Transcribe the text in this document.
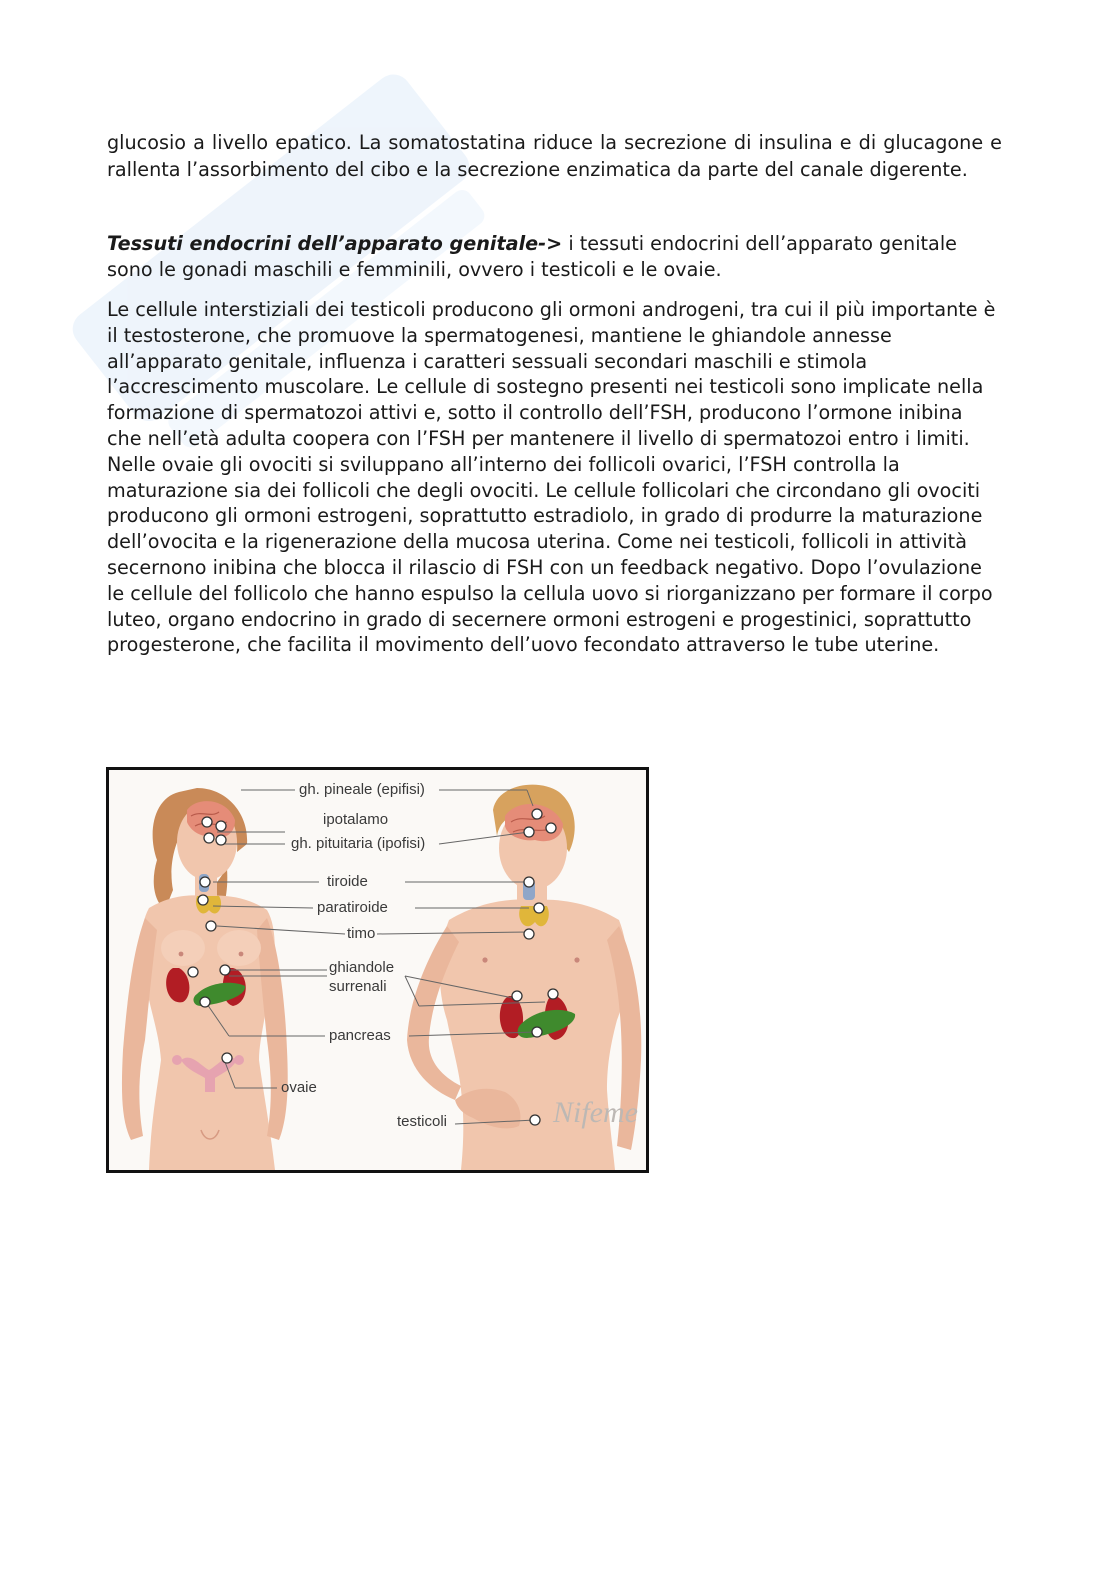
glucosio a livello epatico. La somatostatina riduce la secrezione di insulina e di glucagone e rallenta l’assorbimento del cibo e la secrezione enzimatica da parte del canale digerente.

Tessuti endocrini dell’apparato genitale-> i tessuti endocrini dell’apparato genitale sono le gonadi maschili e femminili, ovvero i testicoli e le ovaie.

Le cellule interstiziali dei testicoli producono gli ormoni androgeni, tra cui il più importante è il testosterone, che promuove la spermatogenesi, mantiene le ghiandole annesse all’apparato genitale, influenza i caratteri sessuali secondari maschili e stimola l’accrescimento muscolare. Le cellule di sostegno presenti nei testicoli sono implicate nella formazione di spermatozoi attivi e, sotto il controllo dell’FSH, producono l’ormone inibina che nell’età adulta coopera con l’FSH per mantenere il livello di spermatozoi entro i limiti.
Nelle ovaie gli ovociti si sviluppano all’interno dei follicoli ovarici, l’FSH controlla la maturazione sia dei follicoli che degli ovociti. Le cellule follicolari che circondano gli ovociti producono gli ormoni estrogeni, soprattutto estradiolo, in grado di produrre la maturazione dell’ovocita e la rigenerazione della mucosa uterina. Come nei testicoli, follicoli in attività secernono inibina che blocca il rilascio di FSH con un feedback negativo. Dopo l’ovulazione le cellule del follicolo che hanno espulso la cellula uovo si riorganizzano per formare il corpo luteo, organo endocrino in grado di secernere ormoni estrogeni e progestinici, soprattutto progesterone, che facilita il movimento dell’uovo fecondato attraverso le tube uterine.
Nifeme
gh. pineale (epifisi)
ipotalamo
gh. pituitaria (ipofisi)
tiroide
paratiroide
timo
ghiandole
surrenali
pancreas
ovaie
testicoli
